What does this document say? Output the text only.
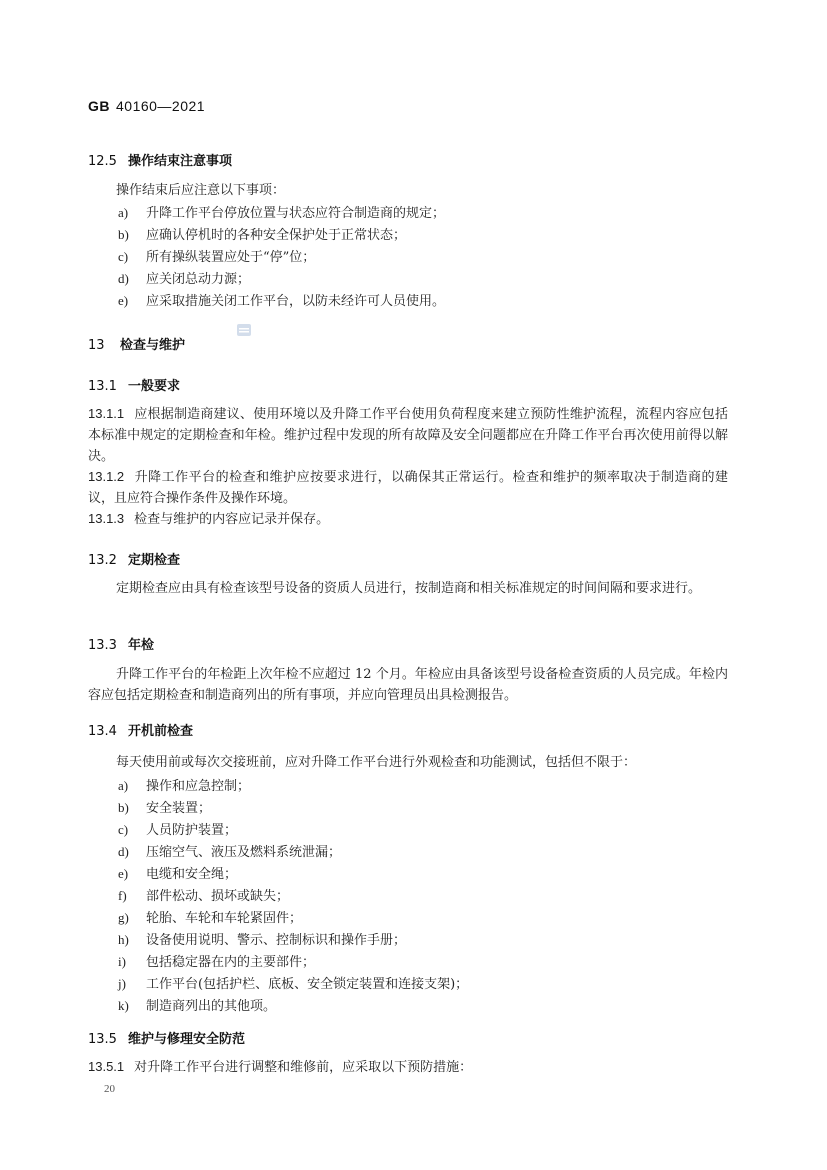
GB 40160—2021
12.5 操作结束注意事项
操作结束后应注意以下事项：
a) 升降工作平台停放位置与状态应符合制造商的规定；
b) 应确认停机时的各种安全保护处于正常状态；
c) 所有操纵装置应处于“停”位；
d) 应关闭总动力源；
e) 应采取措施关闭工作平台，以防未经许可人员使用。
13 检查与维护
13.1 一般要求
13.1.1 应根据制造商建议、使用环境以及升降工作平台使用负荷程度来建立预防性维护流程，流程内容应包括本标准中规定的定期检查和年检。维护过程中发现的所有故障及安全问题都应在升降工作平台再次使用前得以解决。
13.1.2 升降工作平台的检查和维护应按要求进行，以确保其正常运行。检查和维护的频率取决于制造商的建议，且应符合操作条件及操作环境。
13.1.3 检查与维护的内容应记录并保存。
13.2 定期检查
定期检查应由具有检查该型号设备的资质人员进行，按制造商和相关标准规定的时间间隔和要求进行。
13.3 年检
升降工作平台的年检距上次年检不应超过 12 个月。年检应由具备该型号设备检查资质的人员完成。年检内容应包括定期检查和制造商列出的所有事项，并应向管理员出具检测报告。
13.4 开机前检查
每天使用前或每次交接班前，应对升降工作平台进行外观检查和功能测试，包括但不限于：
a) 操作和应急控制；
b) 安全装置；
c) 人员防护装置；
d) 压缩空气、液压及燃料系统泄漏；
e) 电缆和安全绳；
f) 部件松动、损坏或缺失；
g) 轮胎、车轮和车轮紧固件；
h) 设备使用说明、警示、控制标识和操作手册；
i) 包括稳定器在内的主要部件；
j) 工作平台(包括护栏、底板、安全锁定装置和连接支架)；
k) 制造商列出的其他项。
13.5 维护与修理安全防范
13.5.1 对升降工作平台进行调整和维修前，应采取以下预防措施：
20
